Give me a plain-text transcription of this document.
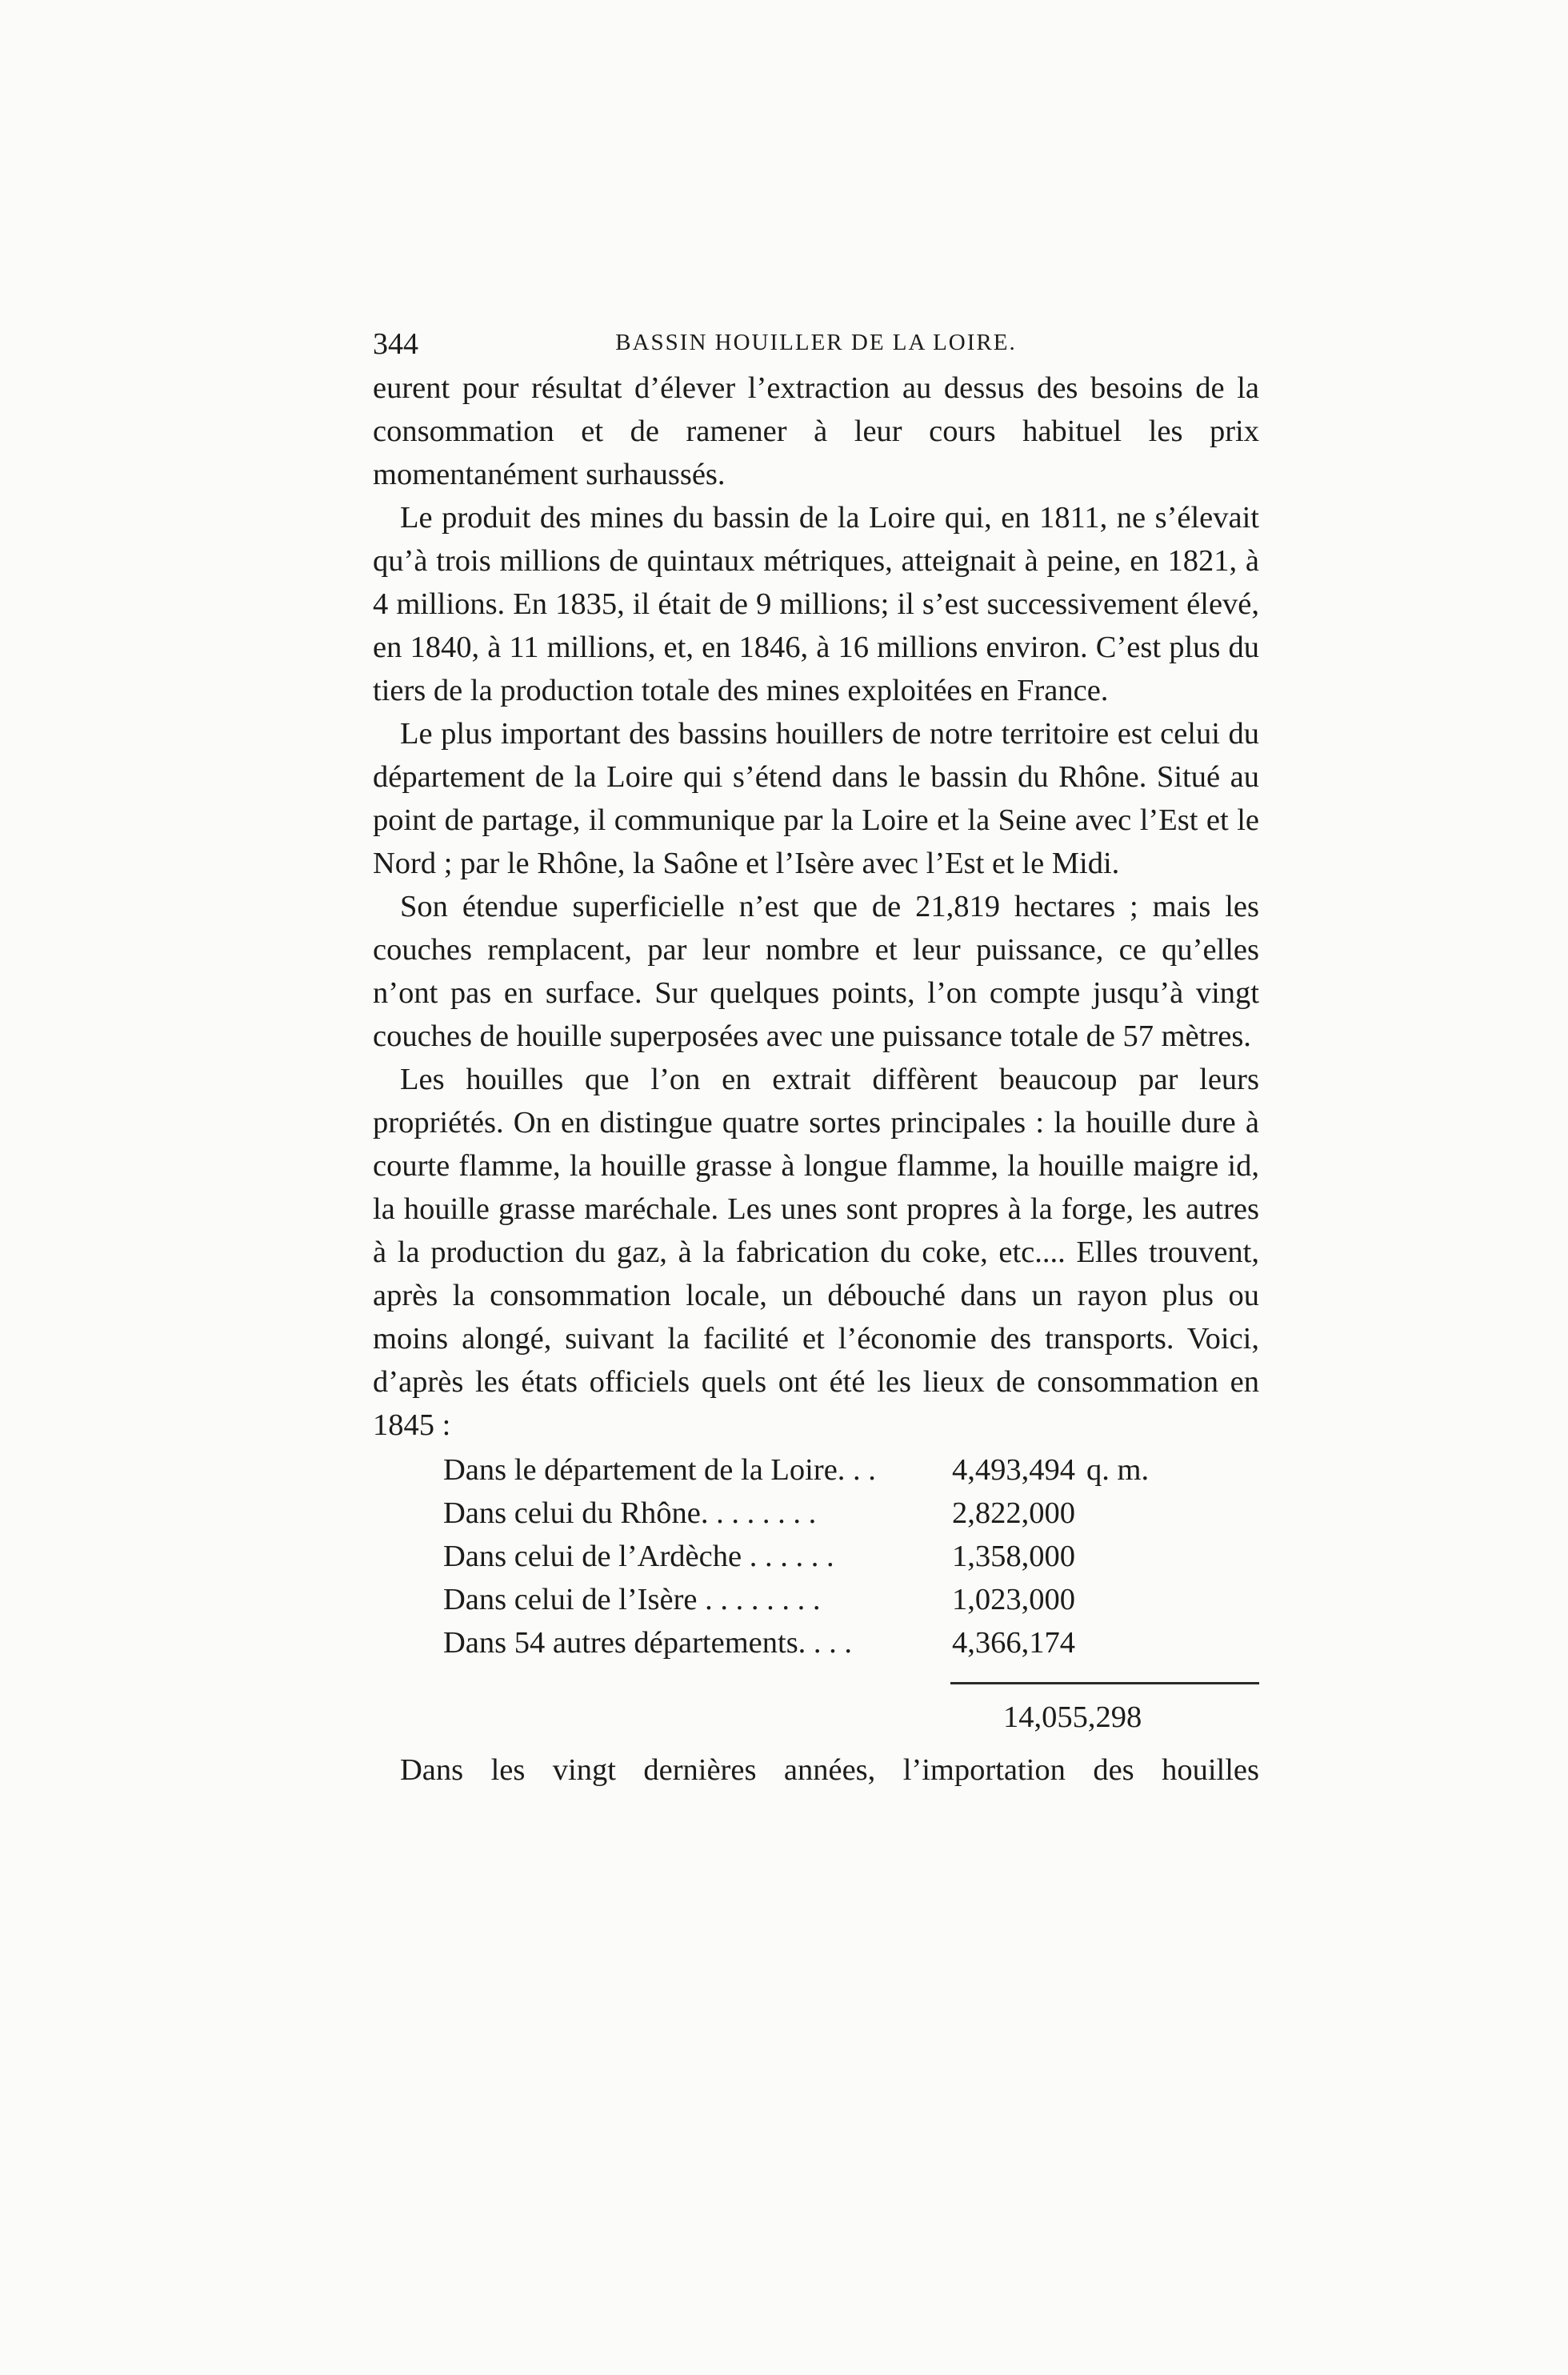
344	BASSIN HOUILLER DE LA LOIRE.

eurent pour résultat d’élever l’extraction au dessus des besoins de la consommation et de ramener à leur cours habituel les prix momentanément surhaussés.

Le produit des mines du bassin de la Loire qui, en 1811, ne s’élevait qu’à trois millions de quintaux métriques, atteignait à peine, en 1821, à 4 millions. En 1835, il était de 9 millions; il s’est successivement élevé, en 1840, à 11 millions, et, en 1846, à 16 millions environ. C’est plus du tiers de la production totale des mines exploitées en France.

Le plus important des bassins houillers de notre territoire est celui du département de la Loire qui s’étend dans le bassin du Rhône. Situé au point de partage, il communique par la Loire et la Seine avec l’Est et le Nord ; par le Rhône, la Saône et l’Isère avec l’Est et le Midi.

Son étendue superficielle n’est que de 21,819 hectares ; mais les couches remplacent, par leur nombre et leur puissance, ce qu’elles n’ont pas en surface. Sur quelques points, l’on compte jusqu’à vingt couches de houille superposées avec une puissance totale de 57 mètres.

Les houilles que l’on en extrait diffèrent beaucoup par leurs propriétés. On en distingue quatre sortes principales : la houille dure à courte flamme, la houille grasse à longue flamme, la houille maigre id, la houille grasse maréchale. Les unes sont propres à la forge, les autres à la production du gaz, à la fabrication du coke, etc.... Elles trouvent, après la consommation locale, un débouché dans un rayon plus ou moins alongé, suivant la facilité et l’économie des transports. Voici, d’après les états officiels quels ont été les lieux de consommation en 1845 :

Dans le département de la Loire. . .	4,493,494	q. m.
Dans celui du Rhône. . . . . . . .	2,822,000	
Dans celui de l’Ardèche . . . . . .	1,358,000	
Dans celui de l’Isère . . . . . . . .	1,023,000	
Dans 54 autres départements. . . .	4,366,174	
14,055,298
Dans les vingt dernières années, l’importation des houilles
